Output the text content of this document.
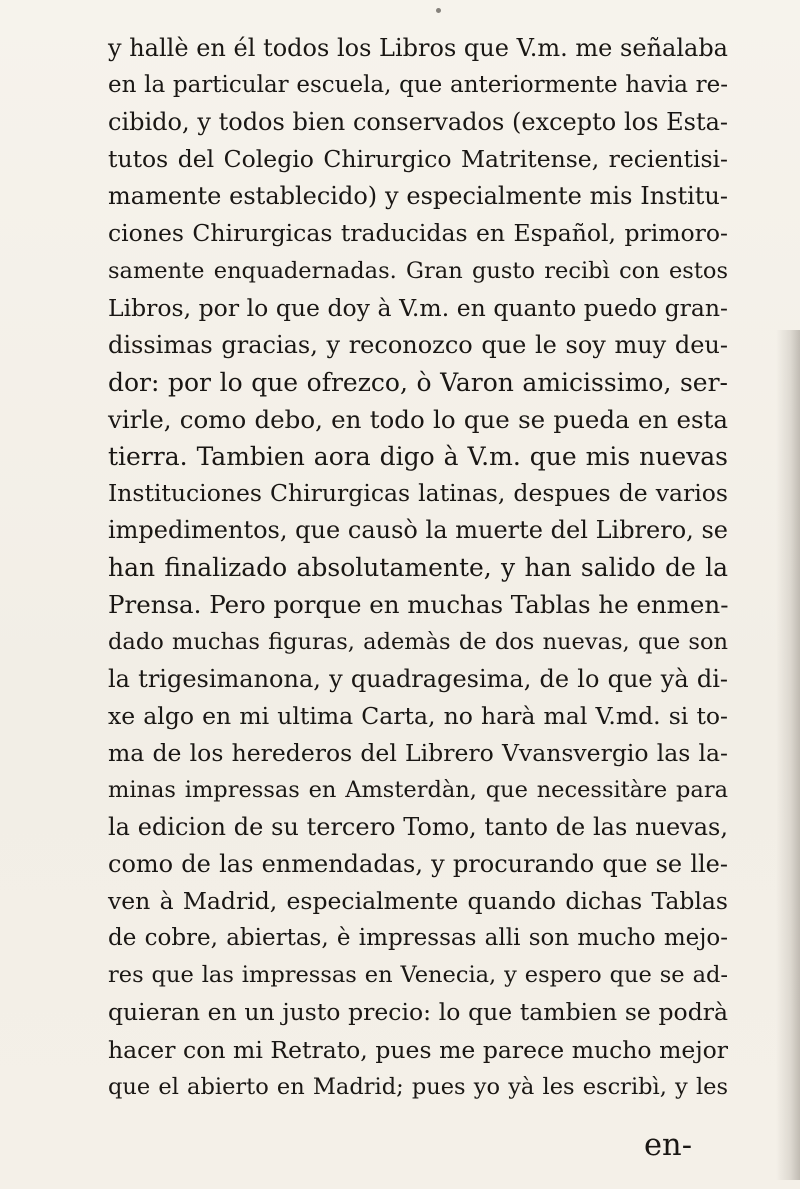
y hallè en él todos los Libros que V.m. me señalaba
en la particular escuela, que anteriormente havia re-
cibido, y todos bien conservados (excepto los Esta-
tutos del Colegio Chirurgico Matritense, recientisi-
mamente establecido) y especialmente mis Institu-
ciones Chirurgicas traducidas en Español, primoro-
samente enquadernadas. Gran gusto recibì con estos
Libros, por lo que doy à V.m. en quanto puedo gran-
dissimas gracias, y reconozco que le soy muy deu-
dor: por lo que ofrezco, ò Varon amicissimo, ser-
virle, como debo, en todo lo que se pueda en esta
tierra. Tambien aora digo à V.m. que mis nuevas
Instituciones Chirurgicas latinas, despues de varios
impedimentos, que causò la muerte del Librero, se
han finalizado absolutamente, y han salido de la
Prensa. Pero porque en muchas Tablas he enmen-
dado muchas figuras, ademàs de dos nuevas, que son
la trigesimanona, y quadragesima, de lo que yà di-
xe algo en mi ultima Carta, no harà mal V.md. si to-
ma de los herederos del Librero Vvansvergio las la-
minas impressas en Amsterdàn, que necessitàre para
la edicion de su tercero Tomo, tanto de las nuevas,
como de las enmendadas, y procurando que se lle-
ven à Madrid, especialmente quando dichas Tablas
de cobre, abiertas, è impressas alli son mucho mejo-
res que las impressas en Venecia, y espero que se ad-
quieran en un justo precio: lo que tambien se podrà
hacer con mi Retrato, pues me parece mucho mejor
que el abierto en Madrid; pues yo yà les escribì, y les
en-
